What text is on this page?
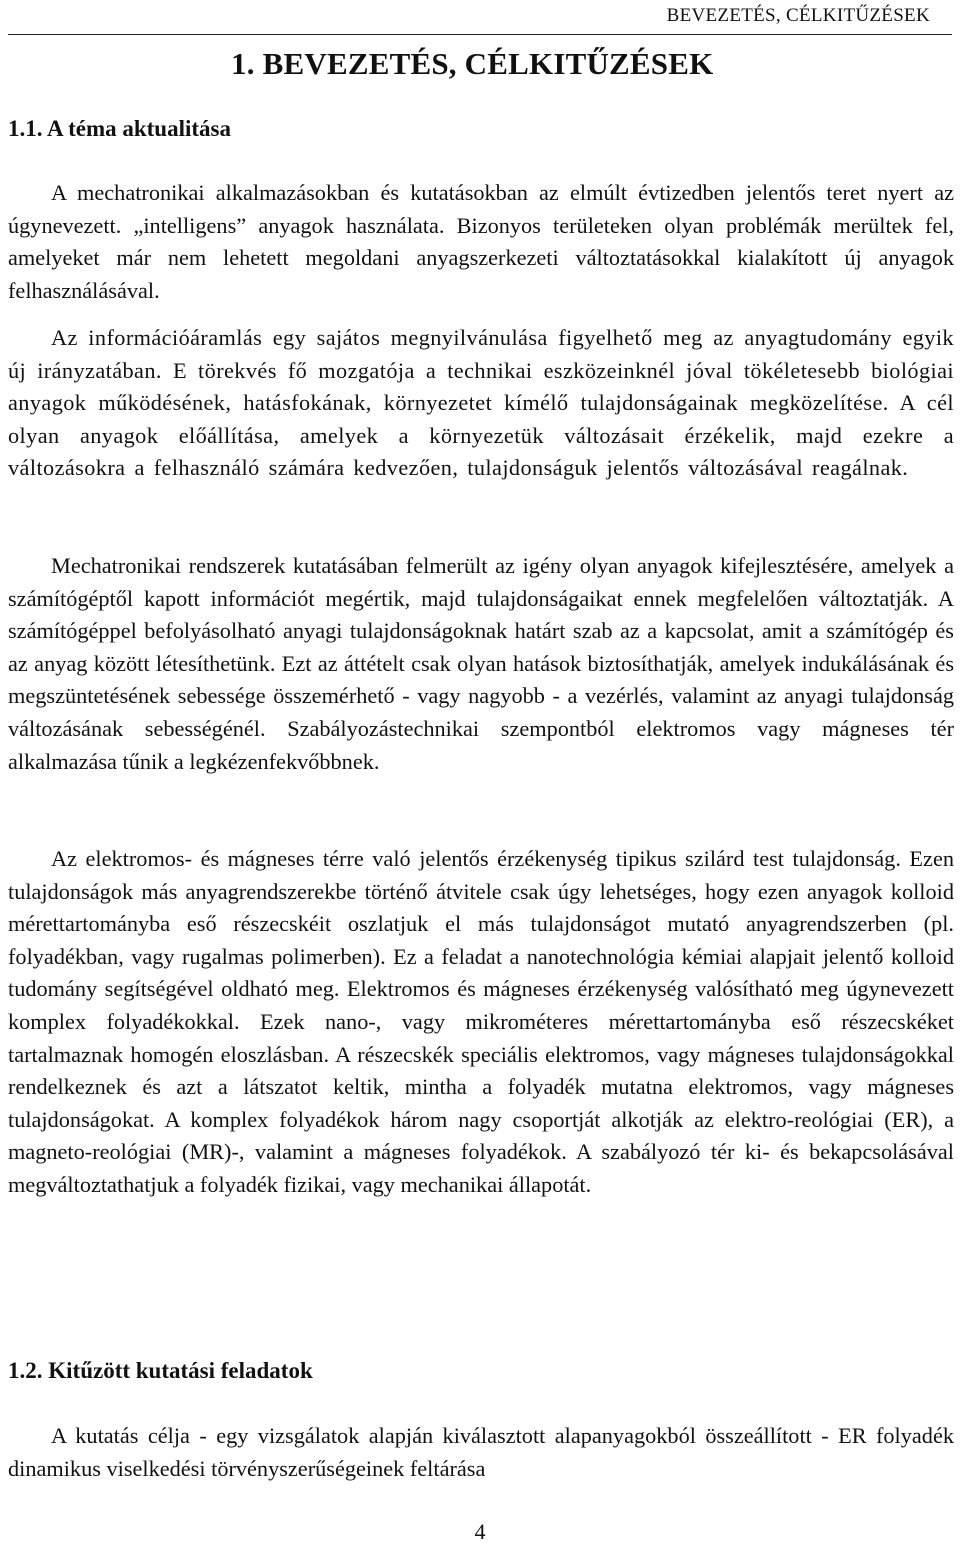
BEVEZETÉS, CÉLKITŰZÉSEK
1. BEVEZETÉS, CÉLKITŰZÉSEK
1.1. A téma aktualitása

A mechatronikai alkalmazásokban és kutatásokban az elmúlt évtizedben jelentős teret nyert az úgynevezett. „intelligens” anyagok használata. Bizonyos területeken olyan problémák merültek fel, amelyeket már nem lehetett megoldani anyagszerkezeti változtatásokkal kialakított új anyagok felhasználásával.

Az információáramlás egy sajátos megnyilvánulása figyelhető meg az anyagtudomány egyik új irányzatában. E törekvés fő mozgatója a technikai eszközeinknél jóval tökéletesebb biológiai anyagok működésének, hatásfokának, környezetet kímélő tulajdonságainak megközelítése. A cél olyan anyagok előállítása, amelyek a környezetük változásait érzékelik, majd ezekre a változásokra a felhasználó számára kedvezően, tulajdonságuk jelentős változásával reagálnak.

Mechatronikai rendszerek kutatásában felmerült az igény olyan anyagok kifejlesztésére, amelyek a számítógéptől kapott információt megértik, majd tulajdonságaikat ennek megfelelően változtatják. A számítógéppel befolyásolható anyagi tulajdonságoknak határt szab az a kapcsolat, amit a számítógép és az anyag között létesíthetünk. Ezt az áttételt csak olyan hatások biztosíthatják, amelyek indukálásának és megszüntetésének sebessége összemérhető - vagy nagyobb - a vezérlés, valamint az anyagi tulajdonság változásának sebességénél. Szabályozástechnikai szempontból elektromos vagy mágneses tér alkalmazása tűnik a legkézenfekvőbbnek.

Az elektromos- és mágneses térre való jelentős érzékenység tipikus szilárd test tulajdonság. Ezen tulajdonságok más anyagrendszerekbe történő átvitele csak úgy lehetséges, hogy ezen anyagok kolloid mérettartományba eső részecskéit oszlatjuk el más tulajdonságot mutató anyagrendszerben (pl. folyadékban, vagy rugalmas polimerben). Ez a feladat a nanotechnológia kémiai alapjait jelentő kolloid tudomány segítségével oldható meg. Elektromos és mágneses érzékenység valósítható meg úgynevezett komplex folyadékokkal. Ezek nano-, vagy mikrométeres mérettartományba eső részecskéket tartalmaznak homogén eloszlásban. A részecskék speciális elektromos, vagy mágneses tulajdonságokkal rendelkeznek és azt a látszatot keltik, mintha a folyadék mutatna elektromos, vagy mágneses tulajdonságokat. A komplex folyadékok három nagy csoportját alkotják az elektro-reológiai (ER), a magneto-reológiai (MR)-, valamint a mágneses folyadékok. A szabályozó tér ki- és bekapcsolásával megváltoztathatjuk a folyadék fizikai, vagy mechanikai állapotát.

1.2. Kitűzött kutatási feladatok

A kutatás célja - egy vizsgálatok alapján kiválasztott alapanyagokból összeállított - ER folyadék dinamikus viselkedési törvényszerűségeinek feltárása

4
